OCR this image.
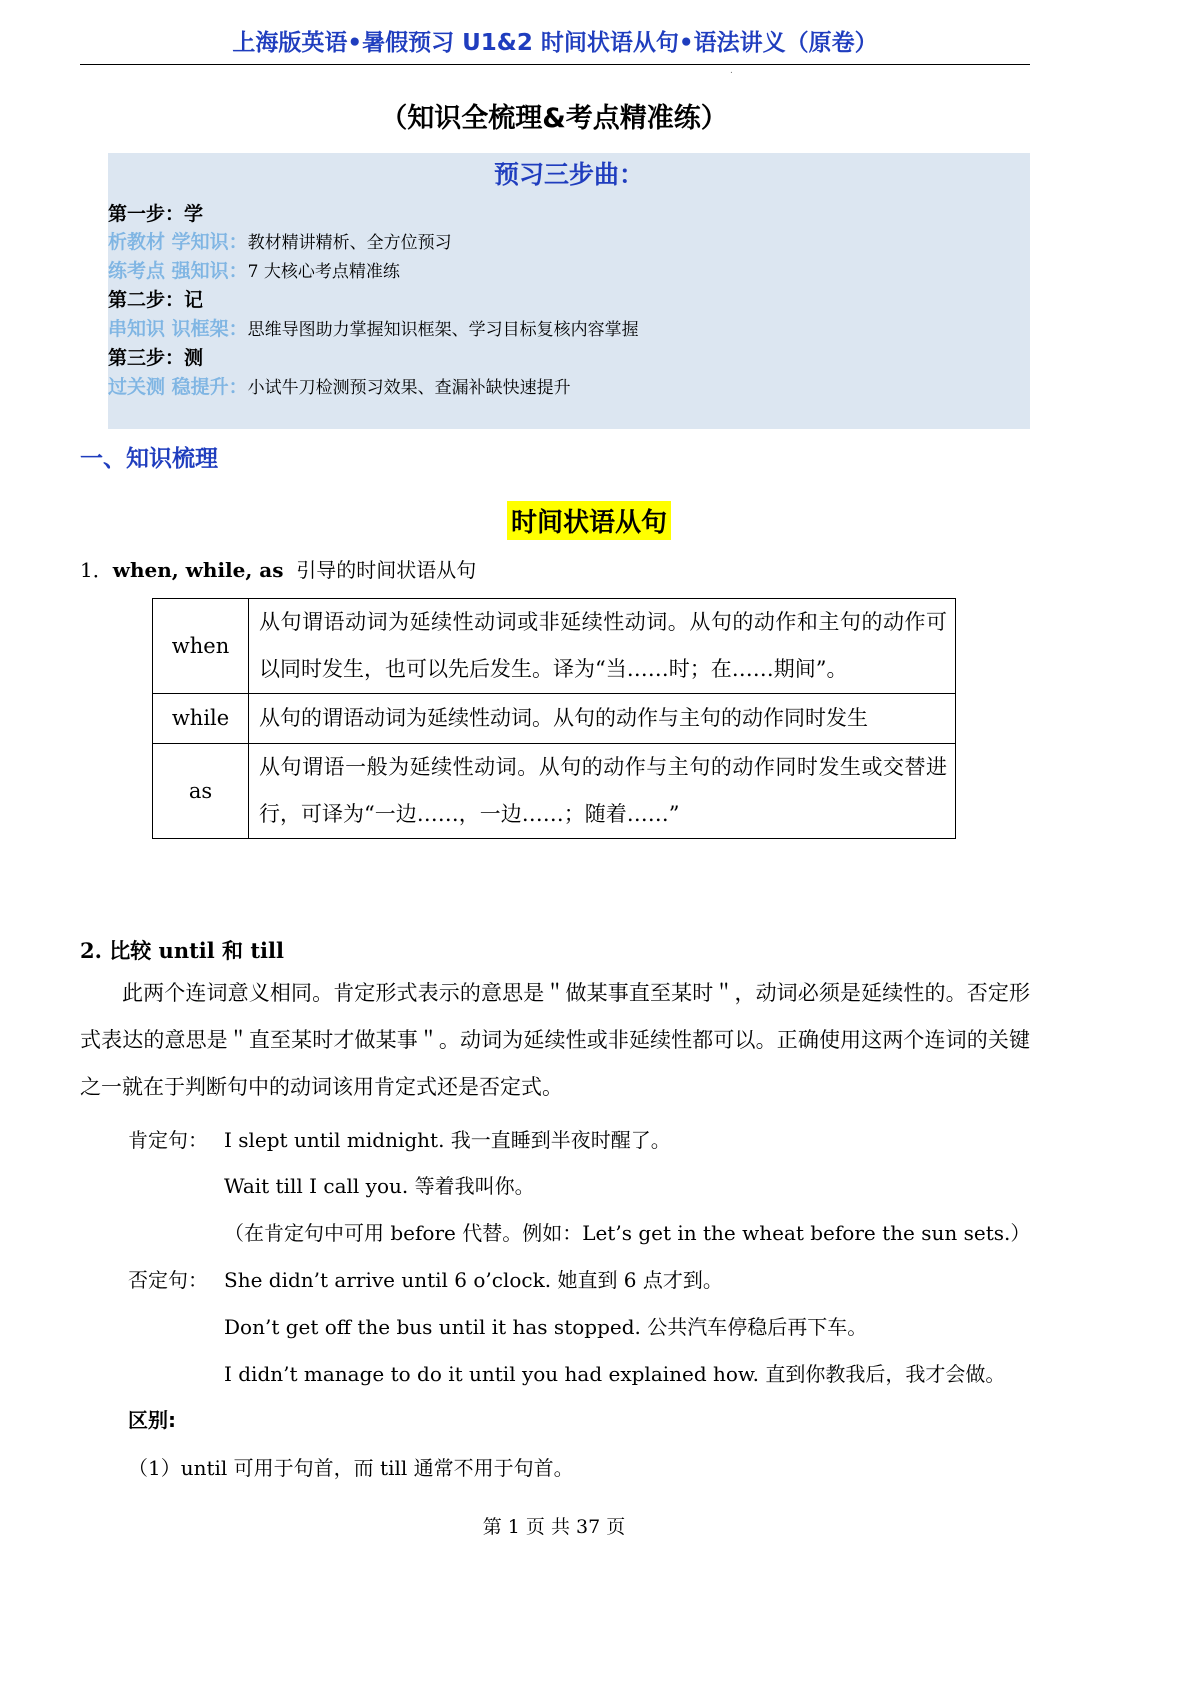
上海版英语•暑假预习 U1&2 时间状语从句•语法讲义（原卷）
.
（知识全梳理&考点精准练）
预习三步曲：
第一步：学
析教材 学知识：教材精讲精析、全方位预习
练考点 强知识：7 大核心考点精准练
第二步：记
串知识 识框架：思维导图助力掌握知识框架、学习目标复核内容掌握
第三步：测
过关测 稳提升：小试牛刀检测预习效果、查漏补缺快速提升
一、知识梳理
时间状语从句
1．when, while, as 引导的时间状语从句
when	从句谓语动词为延续性动词或非延续性动词。从句的动作和主句的动作可以同时发生，也可以先后发生。译为“当……时；在……期间”。
while	从句的谓语动词为延续性动词。从句的动作与主句的动作同时发生
as	从句谓语一般为延续性动词。从句的动作与主句的动作同时发生或交替进行，可译为“一边……，一边……；随着……”
2. 比较 until 和 till
此两个连词意义相同。肯定形式表示的意思是＂做某事直至某时＂，动词必须是延续性的。否定形式表达的意思是＂直至某时才做某事＂。动词为延续性或非延续性都可以。正确使用这两个连词的关键之一就在于判断句中的动词该用肯定式还是否定式。
肯定句： I slept until midnight. 我一直睡到半夜时醒了。
Wait till I call you. 等着我叫你。
（在肯定句中可用 before 代替。例如：Let’s get in the wheat before the sun sets.）
否定句： She didn’t arrive until 6 o’clock. 她直到 6 点才到。
Don’t get off the bus until it has stopped. 公共汽车停稳后再下车。
I didn’t manage to do it until you had explained how. 直到你教我后，我才会做。
区别:
（1）until 可用于句首，而 till 通常不用于句首。
第 1 页 共 37 页
